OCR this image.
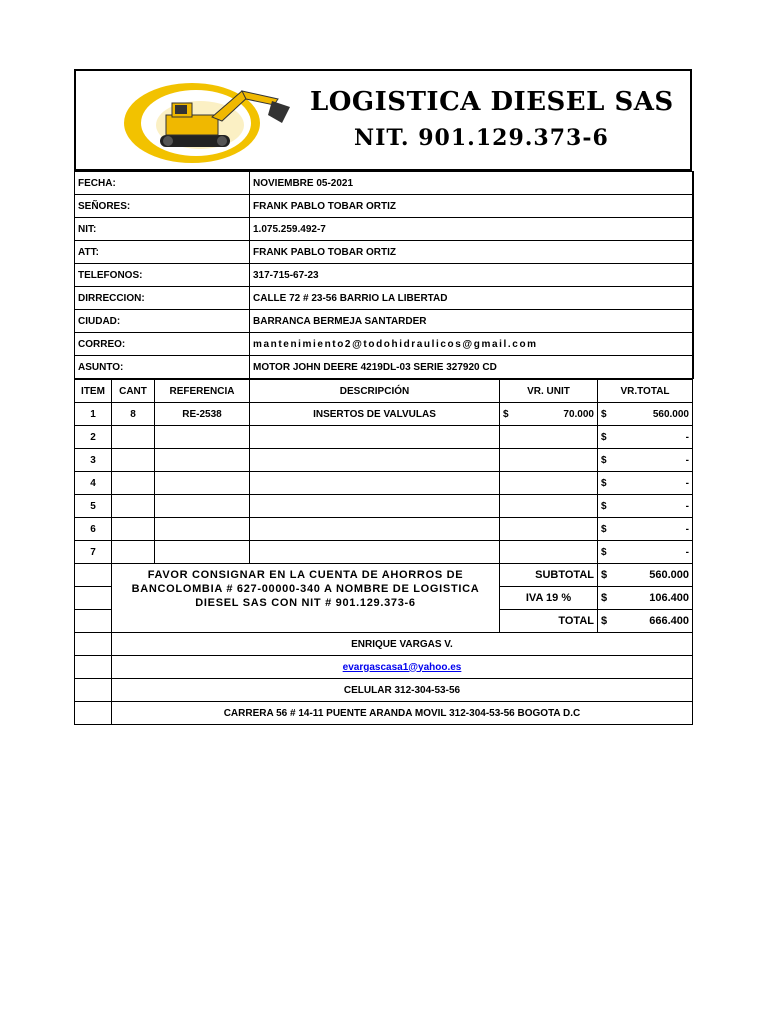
LOGISTICA DIESEL SAS
NIT. 901.129.373-6
FECHA:	NOVIEMBRE 05-2021
SEÑORES:	FRANK PABLO TOBAR ORTIZ
NIT:	1.075.259.492-7
ATT:	FRANK PABLO TOBAR ORTIZ
TELEFONOS:	317-715-67-23
DIRRECCION:	CALLE 72 # 23-56 BARRIO LA LIBERTAD
CIUDAD:	BARRANCA BERMEJA SANTARDER
CORREO:	mantenimiento2@todohidraulicos@gmail.com
ASUNTO:	MOTOR JOHN DEERE 4219DL-03 SERIE 327920 CD
ITEM	CANT	REFERENCIA	DESCRIPCIÓN	VR. UNIT	VR.TOTAL
1	8	RE-2538	INSERTOS DE VALVULAS	$ 70.000	$ 560.000

2					$ -

3					$ -

4					$ -

5					$ -

6					$ -

7					$ -

	FAVOR CONSIGNAR EN LA CUENTA DE AHORROS DE BANCOLOMBIA # 627-00000-340 A NOMBRE DE LOGISTICA DIESEL SAS CON NIT # 901.129.373-6			SUBTOTAL	$ 560.000

				IVA 19 %	$ 106.400

				TOTAL	$ 666.400

	ENRIQUE VARGAS V.				
	evargascasa1@yahoo.es				
	CELULAR 312-304-53-56				
	CARRERA 56 # 14-11 PUENTE ARANDA MOVIL 312-304-53-56 BOGOTA D.C				
